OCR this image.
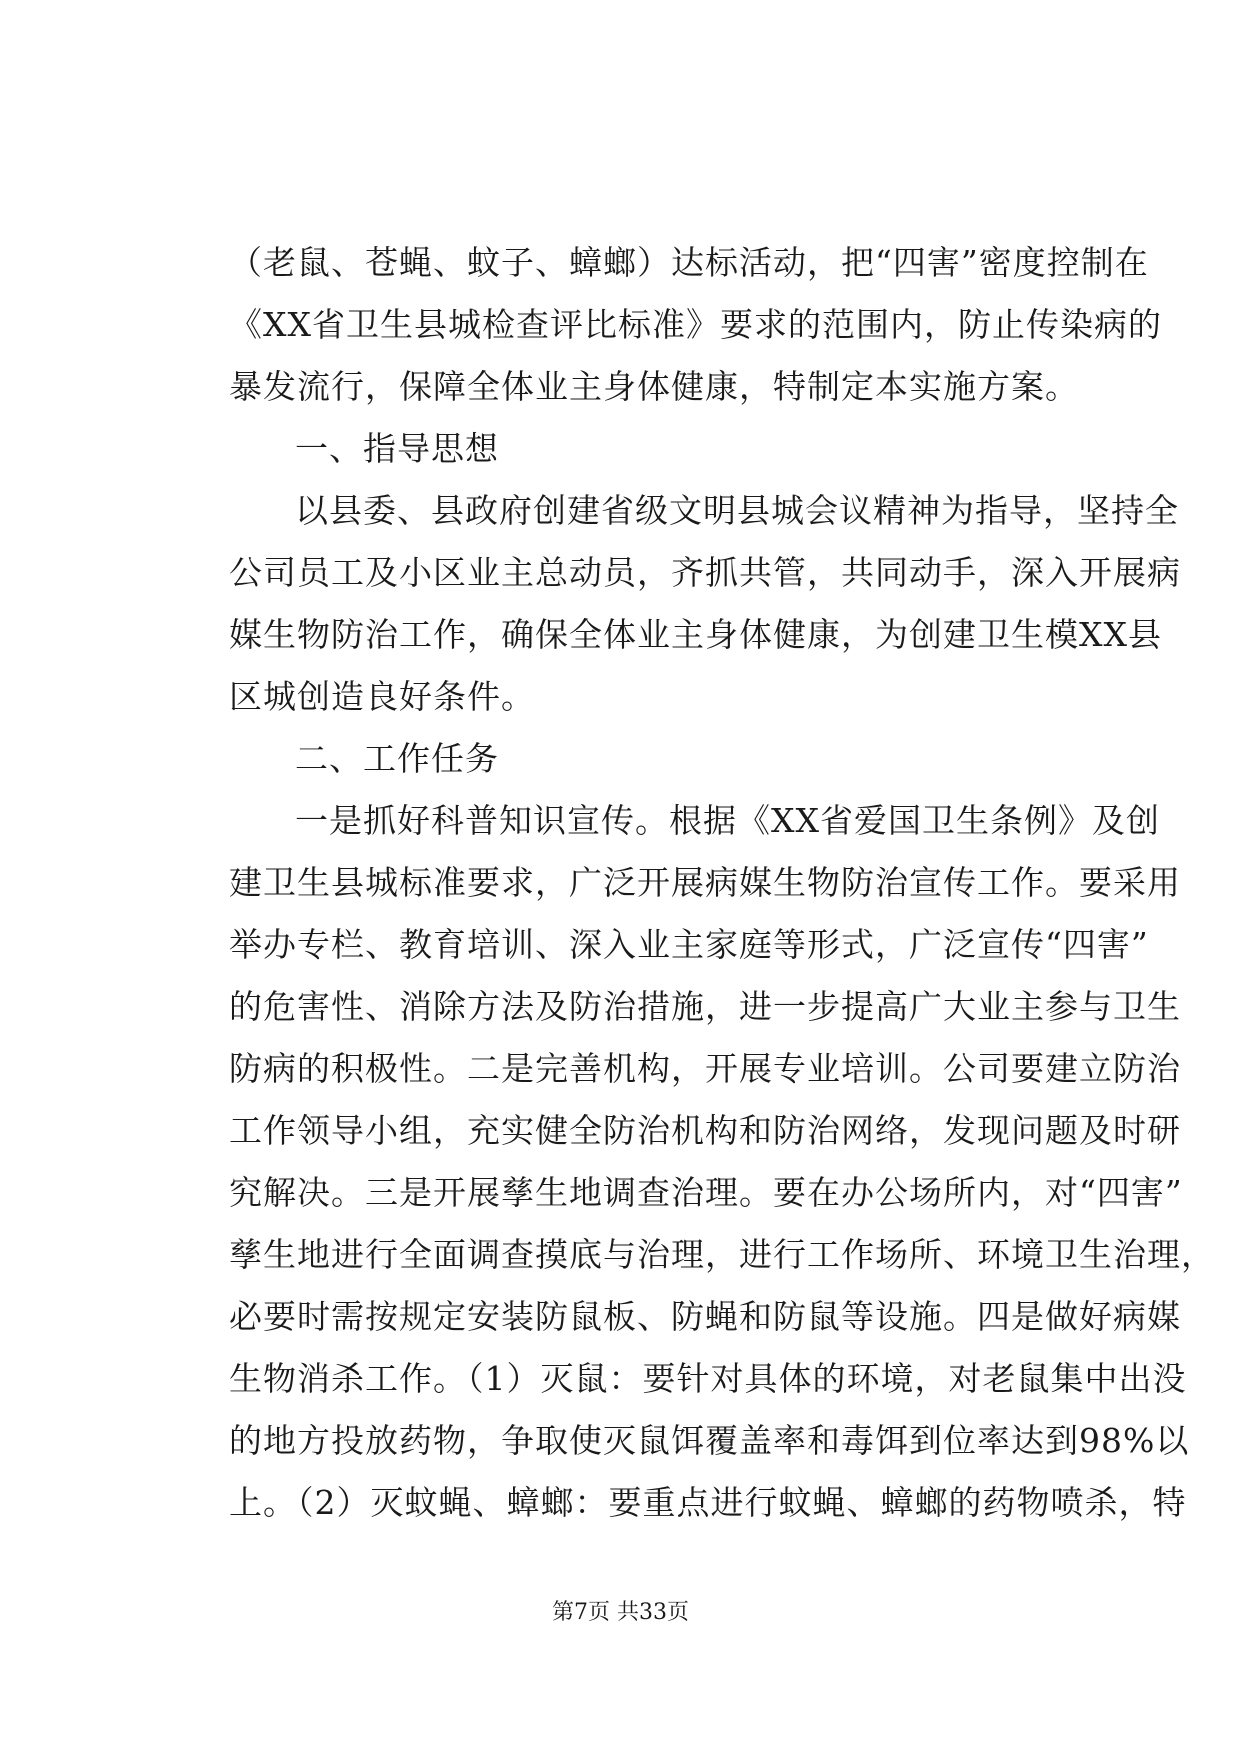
（老鼠、苍蝇、蚊子、蟑螂）达标活动，把“四害”密度控制在
《XX省卫生县城检查评比标准》要求的范围内，防止传染病的
暴发流行，保障全体业主身体健康，特制定本实施方案。
一、指导思想
以县委、县政府创建省级文明县城会议精神为指导，坚持全
公司员工及小区业主总动员，齐抓共管，共同动手，深入开展病
媒生物防治工作，确保全体业主身体健康，为创建卫生模XX县
区城创造良好条件。
二、工作任务
一是抓好科普知识宣传。根据《XX省爱国卫生条例》及创
建卫生县城标准要求，广泛开展病媒生物防治宣传工作。要采用
举办专栏、教育培训、深入业主家庭等形式，广泛宣传“四害”
的危害性、消除方法及防治措施，进一步提高广大业主参与卫生
防病的积极性。二是完善机构，开展专业培训。公司要建立防治
工作领导小组，充实健全防治机构和防治网络，发现问题及时研
究解决。三是开展孳生地调查治理。要在办公场所内，对“四害”
孳生地进行全面调查摸底与治理，进行工作场所、环境卫生治理，
必要时需按规定安装防鼠板、防蝇和防鼠等设施。四是做好病媒
生物消杀工作。（1）灭鼠：要针对具体的环境，对老鼠集中出没
的地方投放药物，争取使灭鼠饵覆盖率和毒饵到位率达到98%以
上。（2）灭蚊蝇、蟑螂：要重点进行蚊蝇、蟑螂的药物喷杀，特
第7页 共33页
